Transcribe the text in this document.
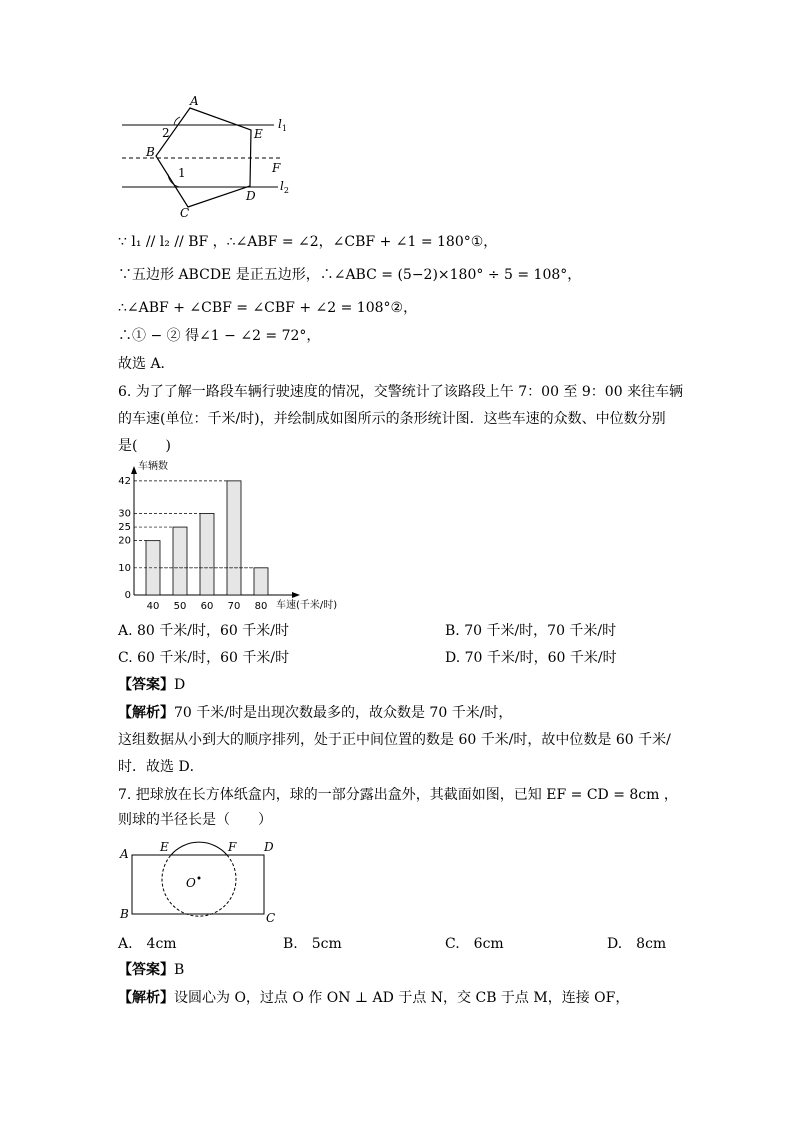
A
E
F
D
C
B
2
1
$l_1$
$l_2$
∵ l₁ // l₂ // BF ，∴∠ABF = ∠2，∠CBF + ∠1 = 180°①，
∵五边形 ABCDE 是正五边形，∴∠ABC = (5−2)×180° ÷ 5 = 108°，
∴∠ABF + ∠CBF = ∠CBF + ∠2 = 108°②，
∴① − ② 得∠1 − ∠2 = 72°，
故选 A．
6. 为了了解一路段车辆行驶速度的情况，交警统计了该路段上午 7：00 至 9：00 来往车辆
的车速(单位：千米/时)，并绘制成如图所示的条形统计图．这些车速的众数、中位数分别
是(　　)
车辆数
车速(千米/时)
0
10
20
25
30
42
40 50 60 70 80
A. 80 千米/时，60 千米/时	B. 70 千米/时，70 千米/时
C. 60 千米/时，60 千米/时	D. 70 千米/时，60 千米/时
【答案】D
【解析】70 千米/时是出现次数最多的，故众数是 70 千米/时，
这组数据从小到大的顺序排列，处于正中间位置的数是 60 千米/时，故中位数是 60 千米/
时．故选 D．
7. 把球放在长方体纸盒内，球的一部分露出盒外，其截面如图，已知 EF = CD = 8cm ，
则球的半径长是（　　）
A	E	F D
O
B	C
A.　4cm	B.　5cm	C.　6cm	D.　8cm
【答案】B
【解析】设圆心为 O，过点 O 作 ON ⊥ AD 于点 N，交 CB 于点 M，连接 OF，
